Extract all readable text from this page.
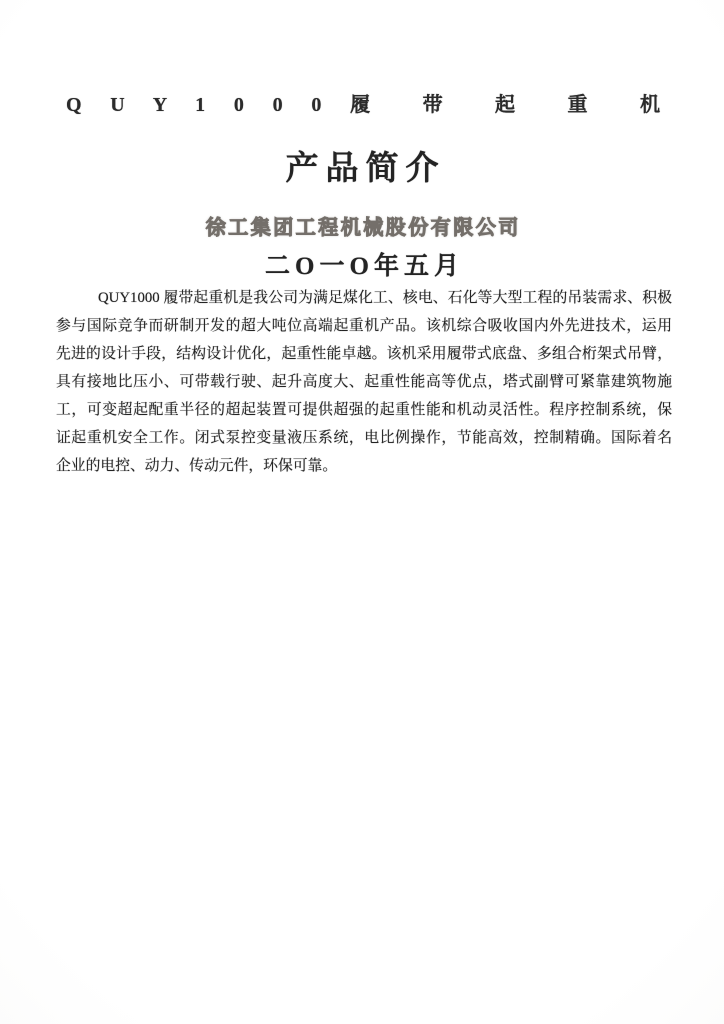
Q U Y 1 0 0 0 履 带 起 重 机
产品简介
徐工集团工程机械股份有限公司
二O一O年五月
QUY1000 履带起重机是我公司为满足煤化工、核电、石化等大型工程的吊装需求、积极
参与国际竞争而研制开发的超大吨位高端起重机产品。该机综合吸收国内外先进技术，运用
先进的设计手段，结构设计优化，起重性能卓越。该机采用履带式底盘、多组合桁架式吊臂，
具有接地比压小、可带载行驶、起升高度大、起重性能高等优点，塔式副臂可紧靠建筑物施
工，可变超起配重半径的超起装置可提供超强的起重性能和机动灵活性。程序控制系统，保
证起重机安全工作。闭式泵控变量液压系统，电比例操作，节能高效，控制精确。国际着名
企业的电控、动力、传动元件，环保可靠。
